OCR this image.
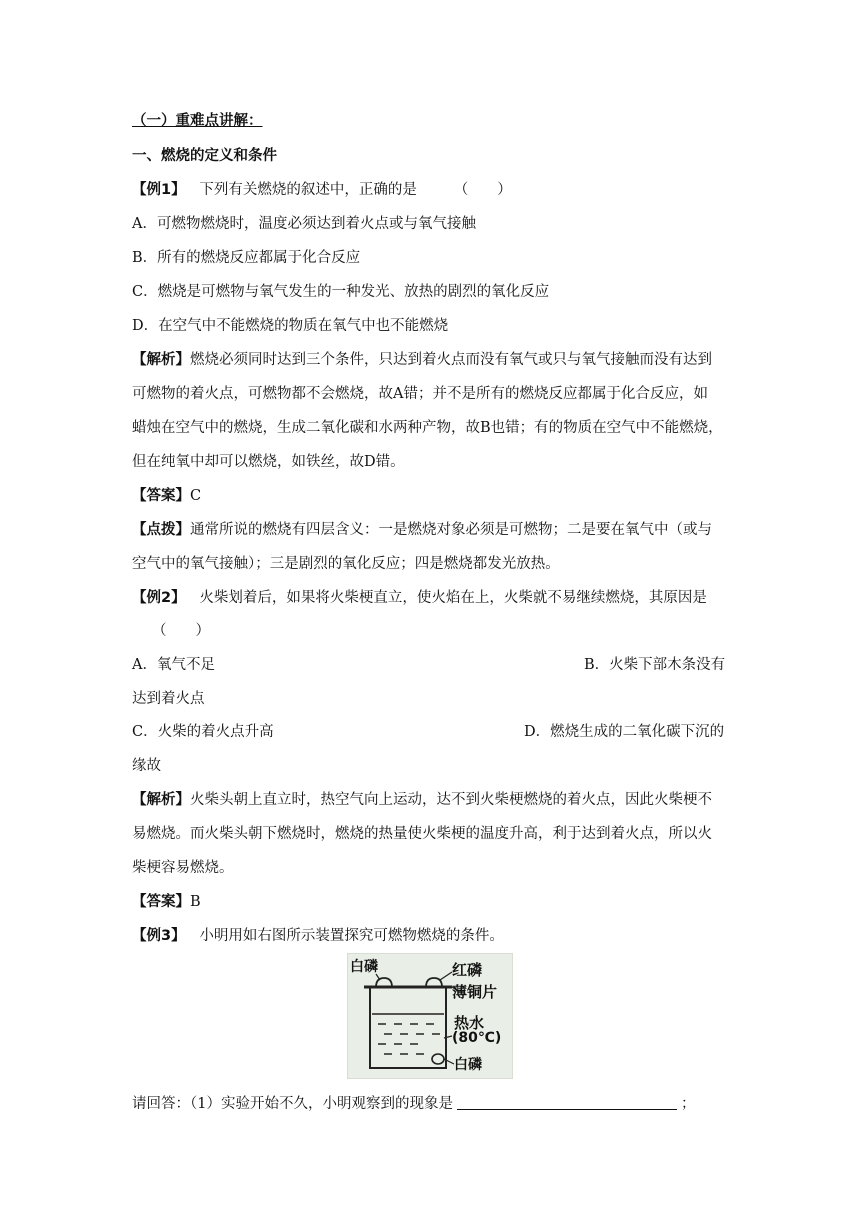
（一）重难点讲解：
一、燃烧的定义和条件
【例1】 下列有关燃烧的叙述中，正确的是	（　　）
A．可燃物燃烧时，温度必须达到着火点或与氧气接触
B．所有的燃烧反应都属于化合反应
C．燃烧是可燃物与氧气发生的一种发光、放热的剧烈的氧化反应
D．在空气中不能燃烧的物质在氧气中也不能燃烧
【解析】燃烧必须同时达到三个条件，只达到着火点而没有氧气或只与氧气接触而没有达到
可燃物的着火点，可燃物都不会燃烧，故A错；并不是所有的燃烧反应都属于化合反应，如
蜡烛在空气中的燃烧，生成二氧化碳和水两种产物，故B也错；有的物质在空气中不能燃烧，
但在纯氧中却可以燃烧，如铁丝，故D错。
【答案】C
【点拨】通常所说的燃烧有四层含义：一是燃烧对象必须是可燃物；二是要在氧气中（或与
空气中的氧气接触）；三是剧烈的氧化反应；四是燃烧都发光放热。
【例2】 火柴划着后，如果将火柴梗直立，使火焰在上，火柴就不易继续燃烧，其原因是
（　　）
A．氧气不足	B．火柴下部木条没有
达到着火点
C．火柴的着火点升高	D．燃烧生成的二氧化碳下沉的
缘故
【解析】火柴头朝上直立时，热空气向上运动，达不到火柴梗燃烧的着火点，因此火柴梗不
易燃烧。而火柴头朝下燃烧时，燃烧的热量使火柴梗的温度升高，利于达到着火点，所以火
柴梗容易燃烧。
【答案】B
【例3】 小明用如右图所示装置探究可燃物燃烧的条件。
白磷	红磷
薄铜片
热水
(80℃)
白磷
请回答：（1）实验开始不久，小明观察到的现象是	；
